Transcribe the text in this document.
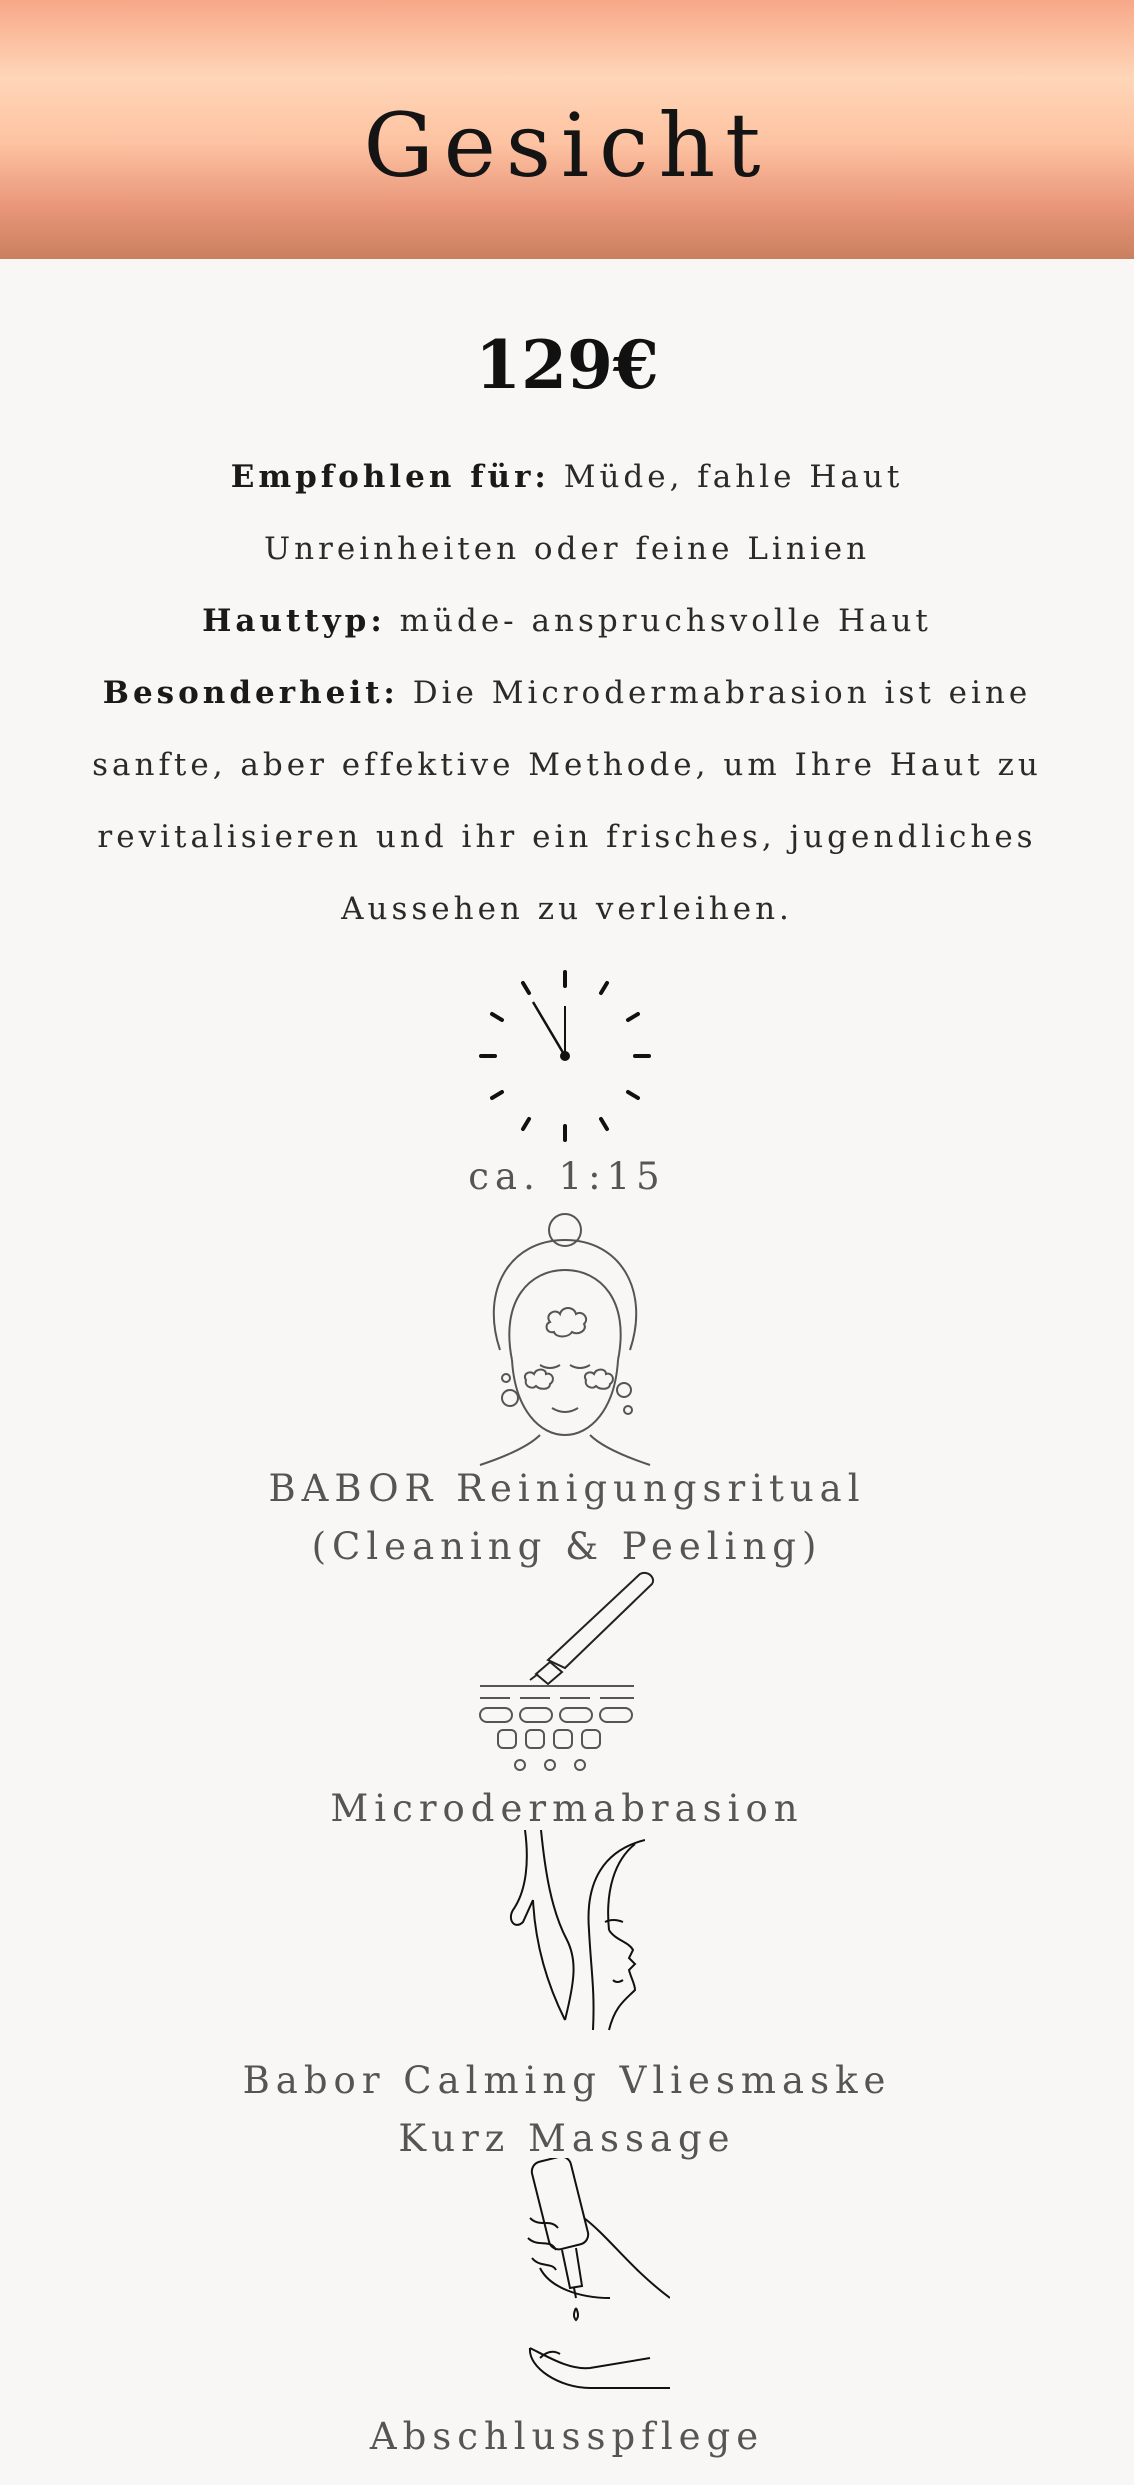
Gesicht
129€

Empfohlen für: Müde, fahle Haut

Unreinheiten oder feine Linien

Hauttyp: müde- anspruchsvolle Haut

Besonderheit: Die Microdermabrasion ist eine

sanfte, aber effektive Methode, um Ihre Haut zu

revitalisieren und ihr ein frisches, jugendliches

Aussehen zu verleihen.

ca. 1:15
BABOR Reinigungsritual
(Cleaning & Peeling)
Microdermabrasion
Babor Calming Vliesmaske
Kurz Massage
Abschlusspflege
